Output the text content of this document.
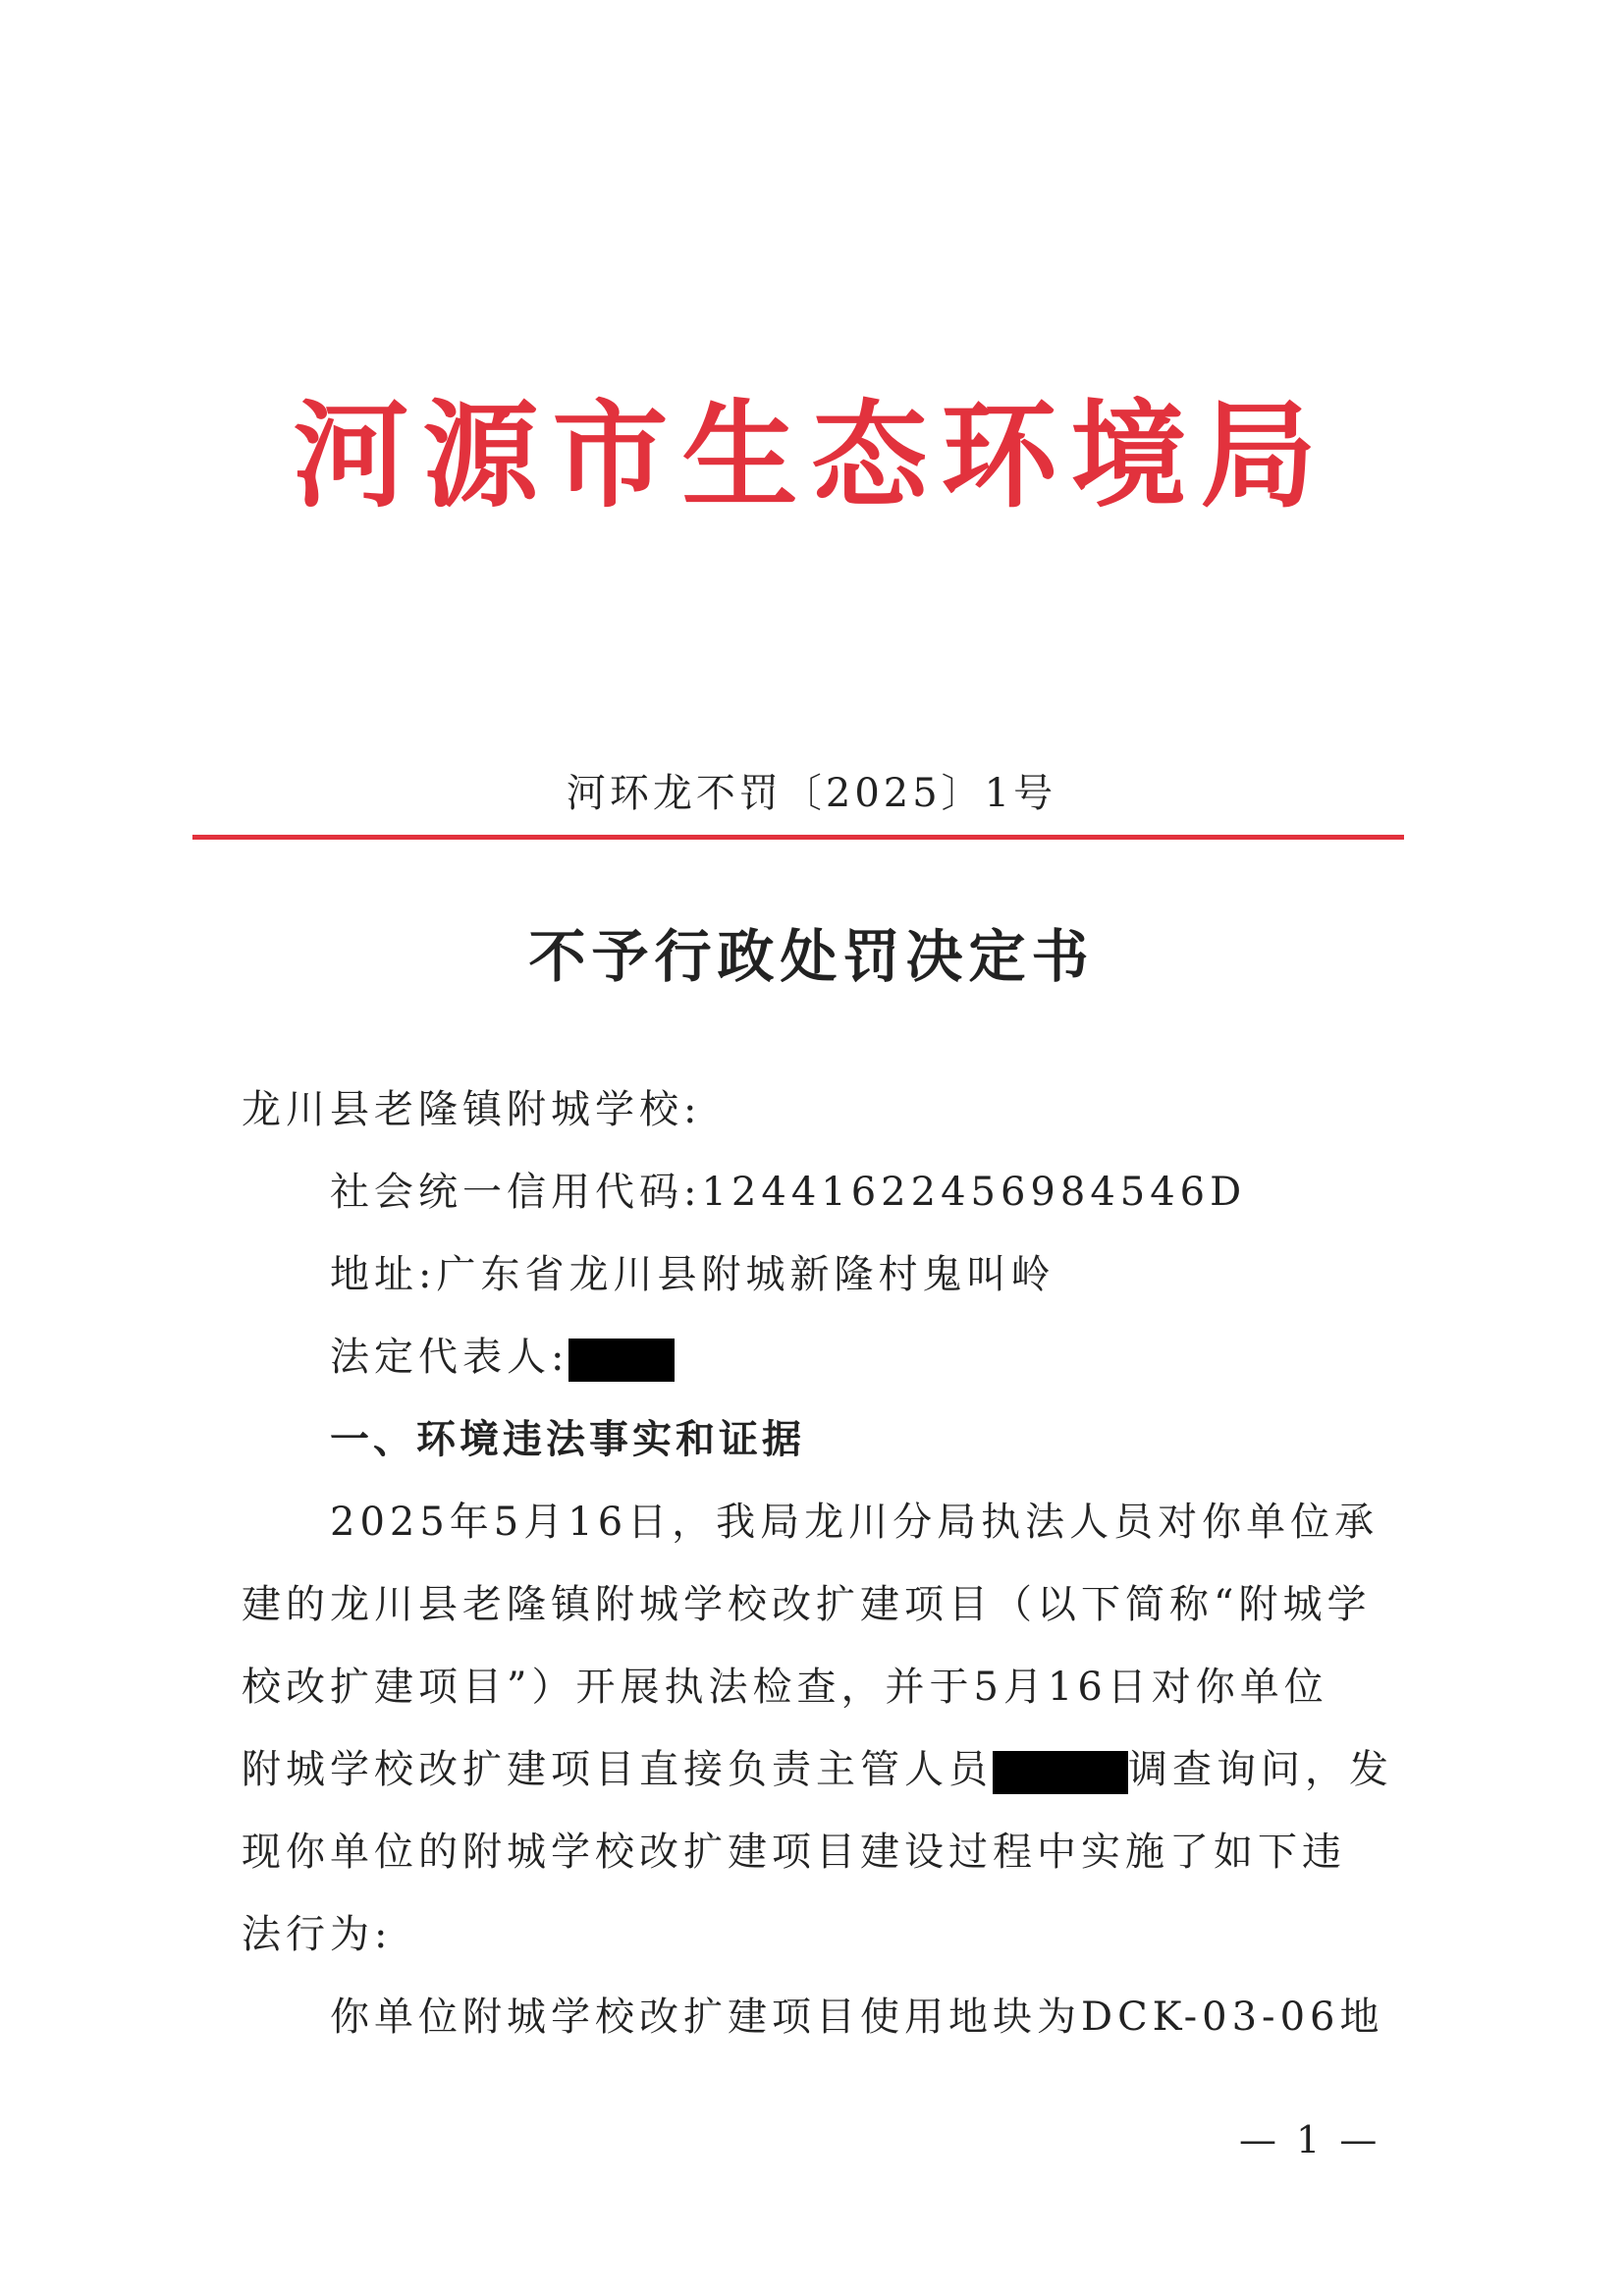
河源市生态环境局
河环龙不罚〔2025〕1号
不予行政处罚决定书
龙川县老隆镇附城学校:
社会统一信用代码:12441622456984546D
地址:广东省龙川县附城新隆村鬼叫岭
法定代表人:
一、环境违法事实和证据
2025年5月16日，我局龙川分局执法人员对你单位承
建的龙川县老隆镇附城学校改扩建项目（以下简称“附城学
校改扩建项目”）开展执法检查，并于5月16日对你单位
附城学校改扩建项目直接负责主管人员	调查询问，发
现你单位的附城学校改扩建项目建设过程中实施了如下违
法行为:
你单位附城学校改扩建项目使用地块为DCK-03-06地
— 1 —
